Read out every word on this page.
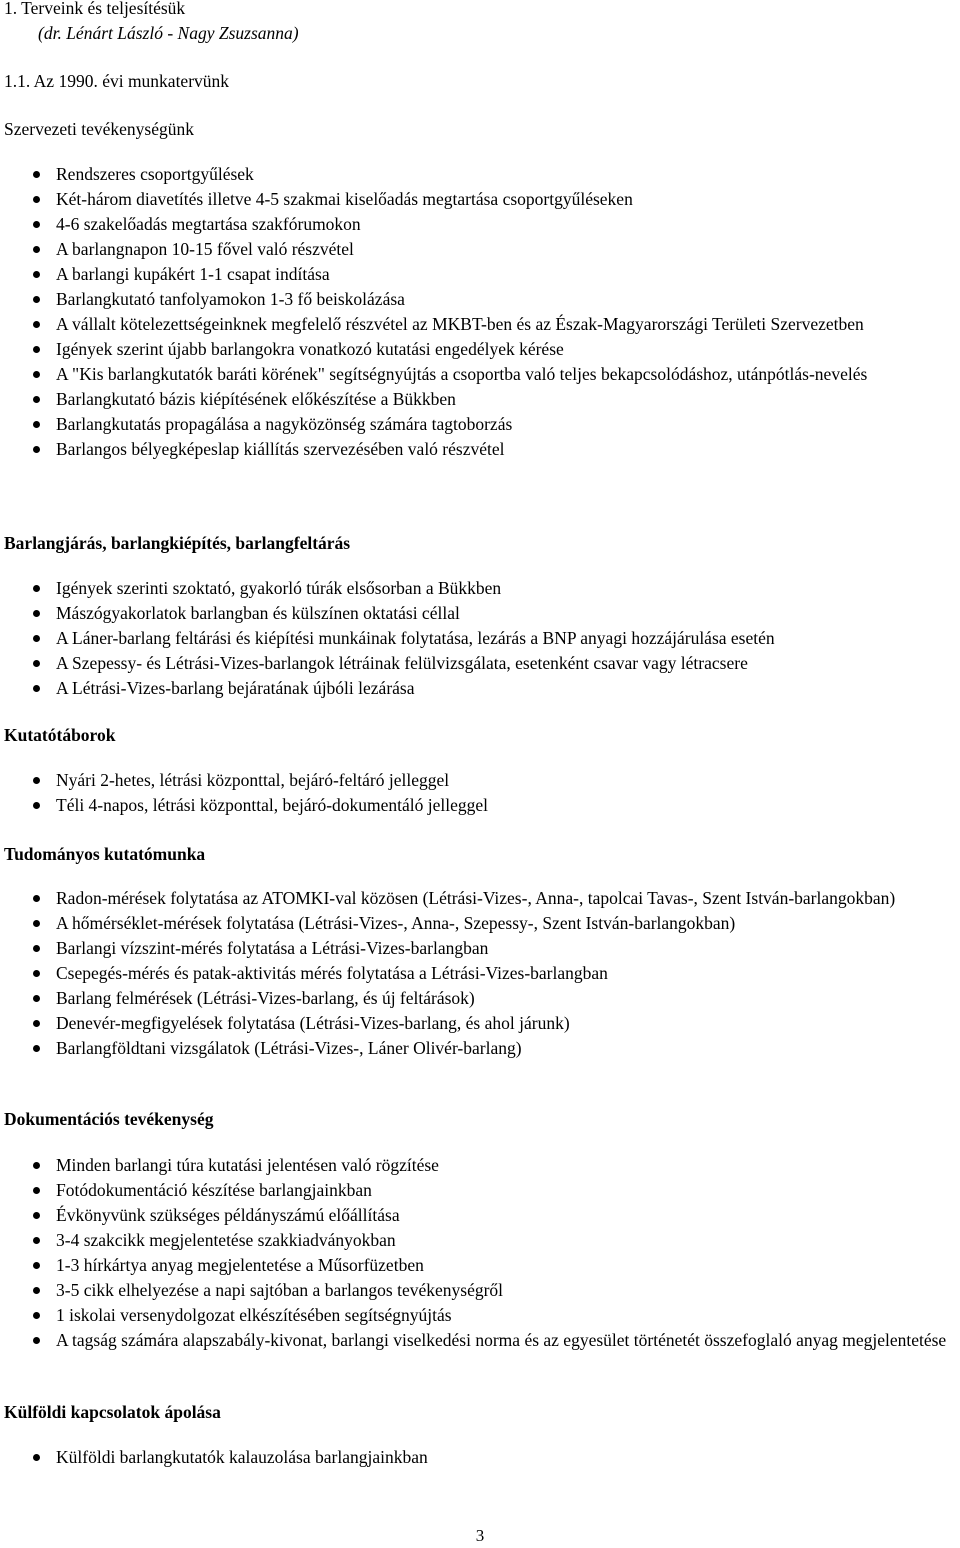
1. Terveink és teljesítésük
(dr. Lénárt László - Nagy Zsuzsanna)
1.1. Az 1990. évi munkatervünk
Szervezeti tevékenységünk
Rendszeres csoportgyűlések
Két-három diavetítés illetve 4-5 szakmai kiselőadás megtartása csoportgyűléseken
4-6 szakelőadás megtartása szakfórumokon
A barlangnapon 10-15 fővel való részvétel
A barlangi kupákért 1-1 csapat indítása
Barlangkutató tanfolyamokon 1-3 fő beiskolázása
A vállalt kötelezettségeinknek megfelelő részvétel az MKBT-ben és az Észak-Magyarországi Területi Szervezetben
Igények szerint újabb barlangokra vonatkozó kutatási engedélyek kérése
A "Kis barlangkutatók baráti körének" segítségnyújtás a csoportba való teljes bekapcsolódáshoz, utánpótlás-nevelés
Barlangkutató bázis kiépítésének előkészítése a Bükkben
Barlangkutatás propagálása a nagyközönség számára tagtoborzás
Barlangos bélyegképeslap kiállítás szervezésében való részvétel
Barlangjárás, barlangkiépítés, barlangfeltárás
Igények szerinti szoktató, gyakorló túrák elsősorban a Bükkben
Mászógyakorlatok barlangban és külszínen oktatási céllal
A Láner-barlang feltárási és kiépítési munkáinak folytatása, lezárás a BNP anyagi hozzájárulása esetén
A Szepessy- és Létrási-Vizes-barlangok létráinak felülvizsgálata, esetenként csavar vagy létracsere
A Létrási-Vizes-barlang bejáratának újbóli lezárása
Kutatótáborok
Nyári 2-hetes, létrási központtal, bejáró-feltáró jelleggel
Téli 4-napos, létrási központtal, bejáró-dokumentáló jelleggel
Tudományos kutatómunka
Radon-mérések folytatása az ATOMKI-val közösen (Létrási-Vizes-, Anna-, tapolcai Tavas-, Szent István-barlangokban)
A hőmérséklet-mérések folytatása (Létrási-Vizes-, Anna-, Szepessy-, Szent István-barlangokban)
Barlangi vízszint-mérés folytatása a Létrási-Vizes-barlangban
Csepegés-mérés és patak-aktivitás mérés folytatása a Létrási-Vizes-barlangban
Barlang felmérések (Létrási-Vizes-barlang, és új feltárások)
Denevér-megfigyelések folytatása (Létrási-Vizes-barlang, és ahol járunk)
Barlangföldtani vizsgálatok (Létrási-Vizes-, Láner Olivér-barlang)
Dokumentációs tevékenység
Minden barlangi túra kutatási jelentésen való rögzítése
Fotódokumentáció készítése barlangjainkban
Évkönyvünk szükséges példányszámú előállítása
3-4 szakcikk megjelentetése szakkiadványokban
1-3 hírkártya anyag megjelentetése a Műsorfüzetben
3-5 cikk elhelyezése a napi sajtóban a barlangos tevékenységről
1 iskolai versenydolgozat elkészítésében segítségnyújtás
A tagság számára alapszabály-kivonat, barlangi viselkedési norma és az egyesület történetét összefoglaló anyag megjelentetése
Külföldi kapcsolatok ápolása
Külföldi barlangkutatók kalauzolása barlangjainkban
3
